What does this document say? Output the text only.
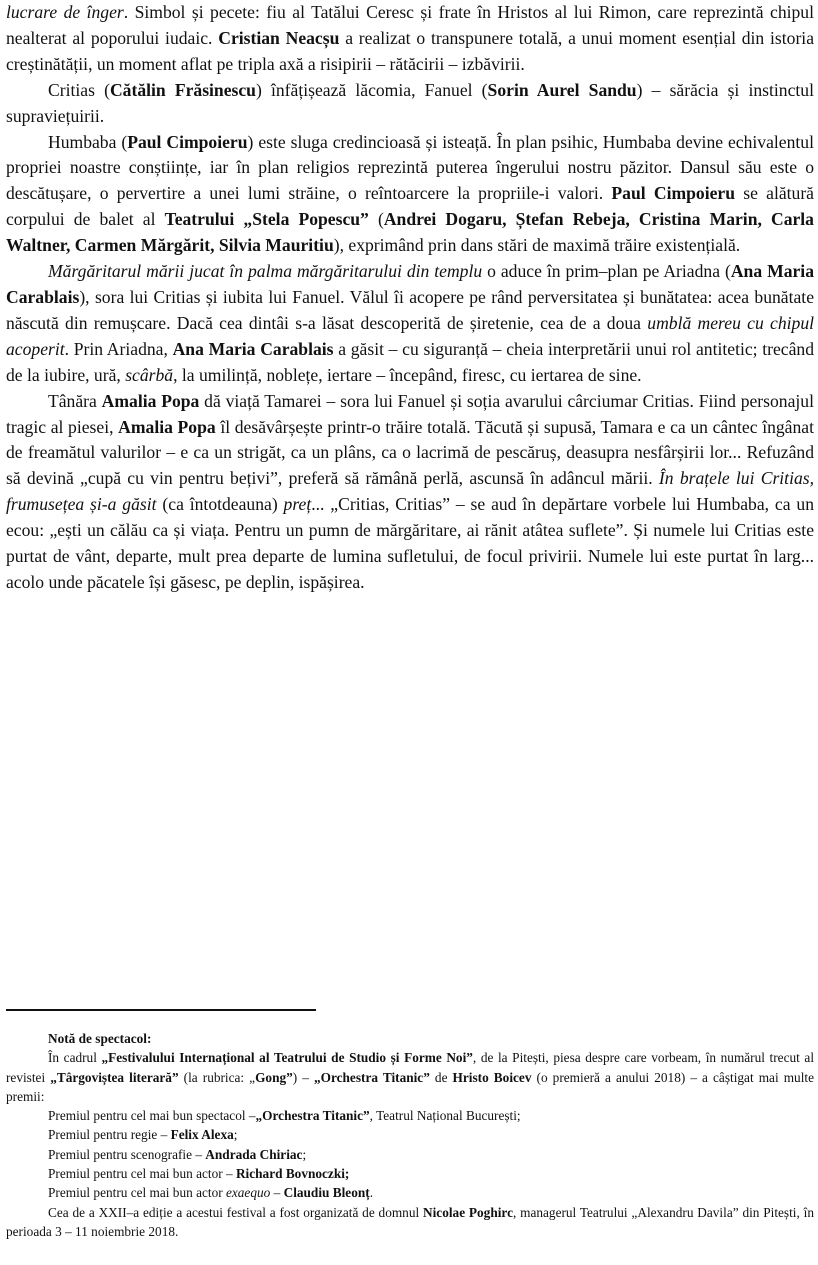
lucrare de înger. Simbol și pecete: fiu al Tatălui Ceresc și frate în Hristos al lui Rimon, care reprezintă chipul nealterat al poporului iudaic. Cristian Neacșu a realizat o transpunere totală, a unui moment esențial din istoria creștinătății, un moment aflat pe tripla axă a risipirii – rătăcirii – izbăvirii.

Critias (Cătălin Frăsinescu) înfățișează lăcomia, Fanuel (Sorin Aurel Sandu) – sărăcia și instinctul supraviețuirii.

Humbaba (Paul Cimpoieru) este sluga credincioasă și isteață. În plan psihic, Humbaba devine echivalentul propriei noastre conștiințe, iar în plan religios reprezintă puterea îngerului nostru păzitor. Dansul său este o descătușare, o pervertire a unei lumi străine, o reîntoarcere la propriile-i valori. Paul Cimpoieru se alătură corpului de balet al Teatrului „Stela Popescu” (Andrei Dogaru, Ștefan Rebeja, Cristina Marin, Carla Waltner, Carmen Mărgărit, Silvia Mauritiu), exprimând prin dans stări de maximă trăire existențială.

Mărgăritarul mării jucat în palma mărgăritarului din templu o aduce în prim–plan pe Ariadna (Ana Maria Carablais), sora lui Critias și iubita lui Fanuel. Vălul îi acopere pe rând perversitatea și bunătatea: acea bunătate născută din remușcare. Dacă cea dintâi s-a lăsat descoperită de șiretenie, cea de a doua umblă mereu cu chipul acoperit. Prin Ariadna, Ana Maria Carablais a găsit – cu siguranță – cheia interpretării unui rol antitetic; trecând de la iubire, ură, scârbă, la umilință, noblețe, iertare – începând, firesc, cu iertarea de sine.

Tânăra Amalia Popa dă viață Tamarei – sora lui Fanuel și soția avarului cârciumar Critias. Fiind personajul tragic al piesei, Amalia Popa îl desăvârșește printr-o trăire totală. Tăcută și supusă, Tamara e ca un cântec îngânat de freamătul valurilor – e ca un strigăt, ca un plâns, ca o lacrimă de pescăruș, deasupra nesfârșirii lor... Refuzând să devină „cupă cu vin pentru bețivi”, preferă să rămână perlă, ascunsă în adâncul mării. În brațele lui Critias, frumusețea și-a găsit (ca întotdeauna) preț... „Critias, Critias” – se aud în depărtare vorbele lui Humbaba, ca un ecou: „ești un călău ca și viața. Pentru un pumn de mărgăritare, ai rănit atâtea suflete”. Și numele lui Critias este purtat de vânt, departe, mult prea departe de lumina sufletului, de focul privirii. Numele lui este purtat în larg... acolo unde păcatele își găsesc, pe deplin, ispășirea.

Notă de spectacol:

În cadrul „Festivalului Internațional al Teatrului de Studio și Forme Noi”, de la Pitești, piesa despre care vorbeam, în numărul trecut al revistei „Târgoviștea literară” (la rubrica: „Gong”) – „Orchestra Titanic” de Hristo Boicev (o premieră a anului 2018) – a câștigat mai multe premii:

Premiul pentru cel mai bun spectacol –„Orchestra Titanic”, Teatrul Național București;

Premiul pentru regie – Felix Alexa;

Premiul pentru scenografie – Andrada Chiriac;

Premiul pentru cel mai bun actor – Richard Bovnoczki;

Premiul pentru cel mai bun actor exaequo – Claudiu Bleonț.

Cea de a XXII–a ediție a acestui festival a fost organizată de domnul Nicolae Poghirc, managerul Teatrului „Alexandru Davila” din Pitești, în perioada 3 – 11 noiembrie 2018.
